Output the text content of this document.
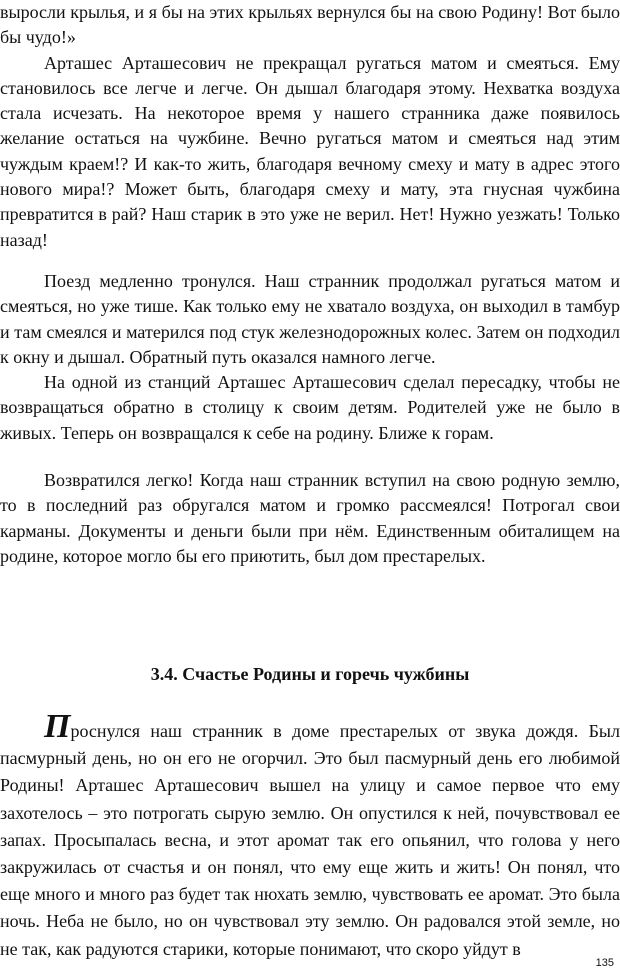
выросли крылья, и я бы на этих крыльях вернулся бы на свою Родину! Вот было бы чудо!»

Арташес Арташесович не прекращал ругаться матом и смеяться. Ему становилось все легче и легче. Он дышал благодаря этому. Нехватка воздуха стала исчезать. На некоторое время у нашего странника даже появилось желание остаться на чужбине. Вечно ругаться матом и смеяться над этим чуждым краем!? И как-то жить, благодаря вечному смеху и мату в адрес этого нового мира!? Может быть, благодаря смеху и мату, эта гнусная чужбина превратится в рай? Наш старик в это уже не верил. Нет! Нужно уезжать! Только назад!

Поезд медленно тронулся. Наш странник продолжал ругаться матом и смеяться, но уже тише. Как только ему не хватало воздуха, он выходил в тамбур и там смеялся и матерился под стук железнодорожных колес. Затем он подходил к окну и дышал. Обратный путь оказался намного легче.

На одной из станций Арташес Арташесович сделал пересадку, чтобы не возвращаться обратно в столицу к своим детям. Родителей уже не было в живых. Теперь он возвращался к себе на родину. Ближе к горам.

Возвратился легко! Когда наш странник вступил на свою родную землю, то в последний раз обругался матом и громко рассмеялся! Потрогал свои карманы. Документы и деньги были при нём. Единственным обиталищем на родине, которое могло бы его приютить, был дом престарелых.

3.4. Счастье Родины и горечь чужбины

Проснулся наш странник в доме престарелых от звука дождя. Был пасмурный день, но он его не огорчил. Это был пасмурный день его любимой Родины! Арташес Арташесович вышел на улицу и самое первое что ему захотелось – это потрогать сырую землю. Он опустился к ней, почувствовал ее запах. Просыпалась весна, и этот аромат так его опьянил, что голова у него закружилась от счастья и он понял, что ему еще жить и жить! Он понял, что еще много и много раз будет так нюхать землю, чувствовать ее аромат. Это была ночь. Неба не было, но он чувствовал эту землю. Он радовался этой земле, но не так, как радуются старики, которые понимают, что скоро уйдут в

135
